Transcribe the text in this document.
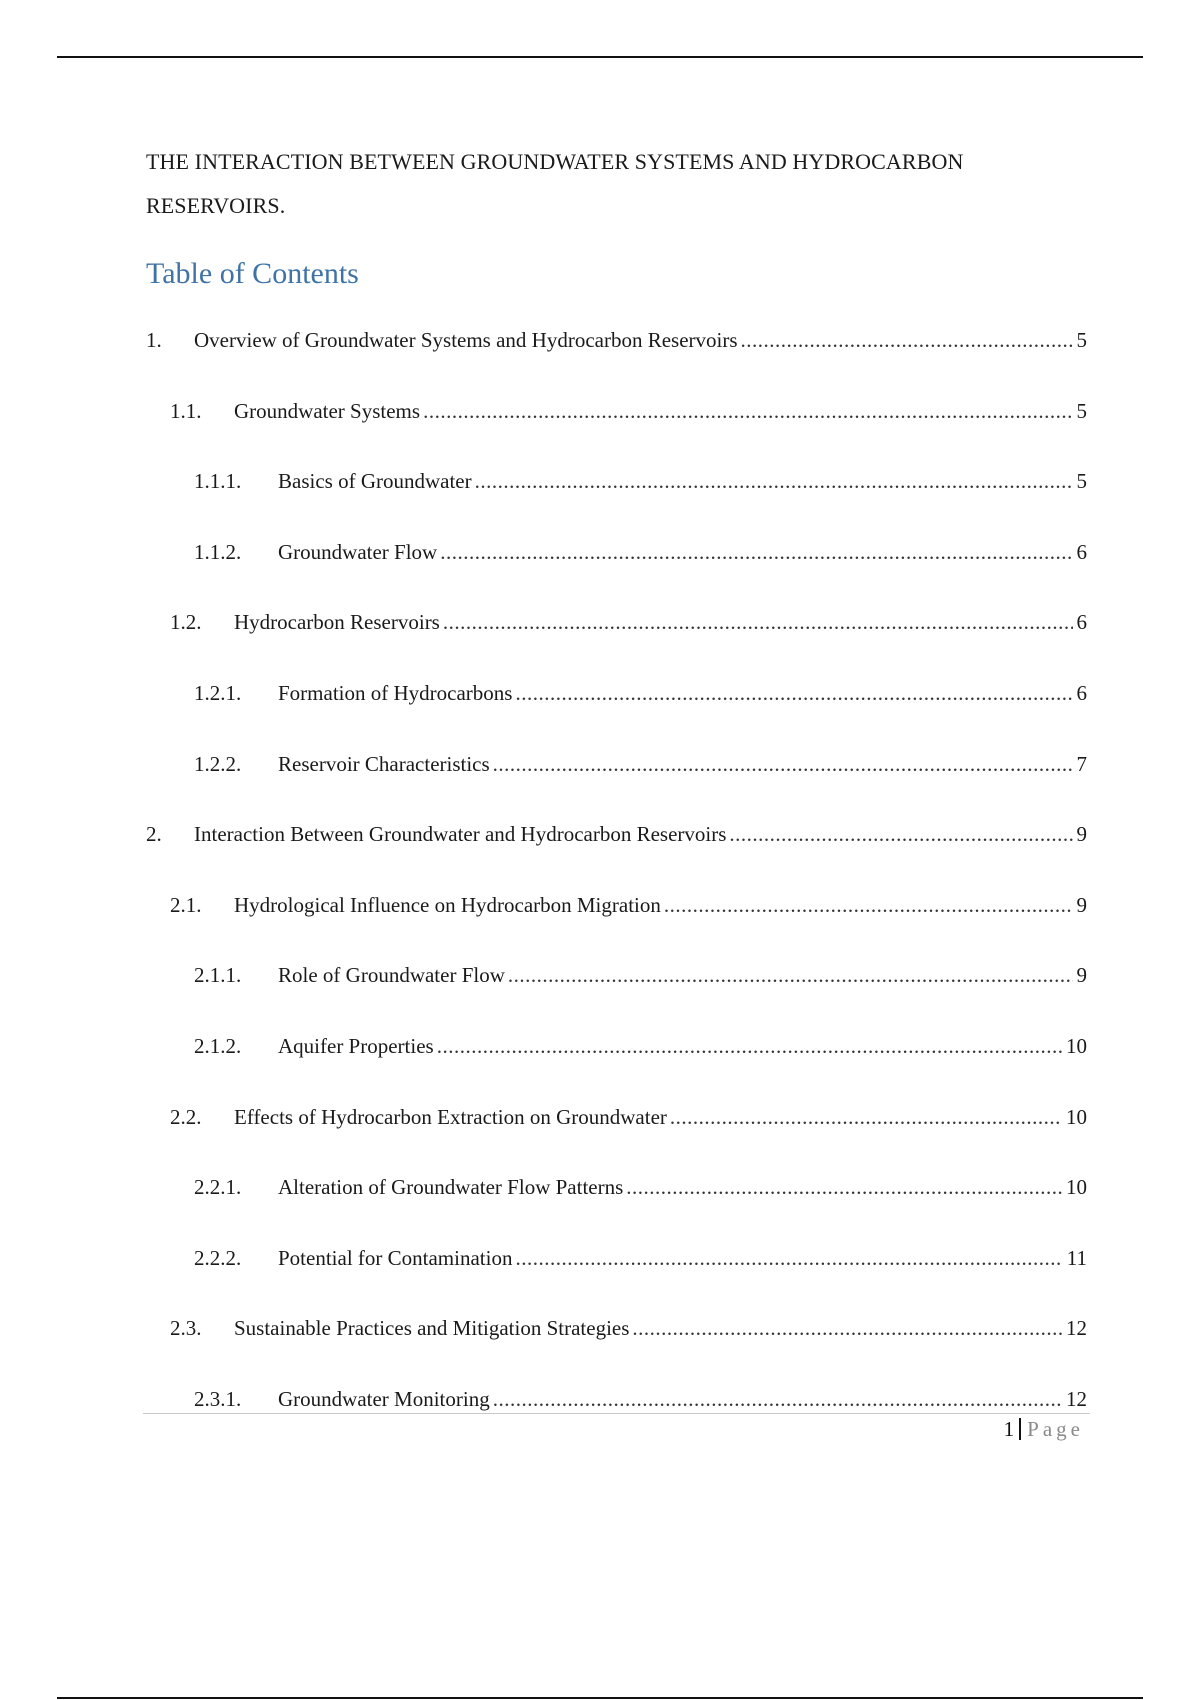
THE INTERACTION BETWEEN GROUNDWATER SYSTEMS AND HYDROCARBON RESERVOIRS.
Table of Contents
1.	Overview of Groundwater Systems and Hydrocarbon Reservoirs .....	5
1.1.	Groundwater Systems .....	5
1.1.1.	Basics of Groundwater .....	5
1.1.2.	Groundwater Flow .....	6
1.2.	Hydrocarbon Reservoirs .....	6
1.2.1.	Formation of Hydrocarbons .....	6
1.2.2.	Reservoir Characteristics .....	7
2.	Interaction Between Groundwater and Hydrocarbon Reservoirs .....	9
2.1.	Hydrological Influence on Hydrocarbon Migration .....	9
2.1.1.	Role of Groundwater Flow .....	9
2.1.2.	Aquifer Properties .....	10
2.2.	Effects of Hydrocarbon Extraction on Groundwater .....	10
2.2.1.	Alteration of Groundwater Flow Patterns .....	10
2.2.2.	Potential for Contamination .....	11
2.3.	Sustainable Practices and Mitigation Strategies .....	12
2.3.1.	Groundwater Monitoring .....	12
1 Page
